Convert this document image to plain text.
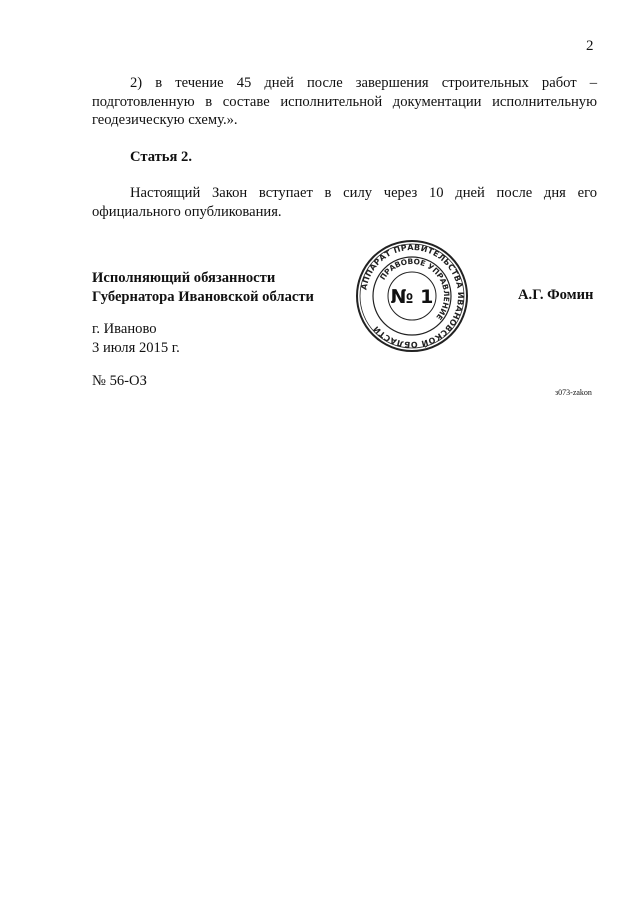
2

2) в течение 45 дней после завершения строительных работ – подготовленную в составе исполнительной документации исполнительную геодезическую схему.».

Статья 2.

Настоящий Закон вступает в силу через 10 дней после дня его официального опубликования.

Исполняющий обязанности
Губернатора Ивановской области
АППАРАТ ПРАВИТЕЛЬСТВА ИВАНОВСКОЙ ОБЛАСТИ
ПРАВОВОЕ УПРАВЛЕНИЕ
№ 1	А.Г. Фомин
г. Иваново
3 июля 2015 г.
№ 56-ОЗ
з073-zakon
